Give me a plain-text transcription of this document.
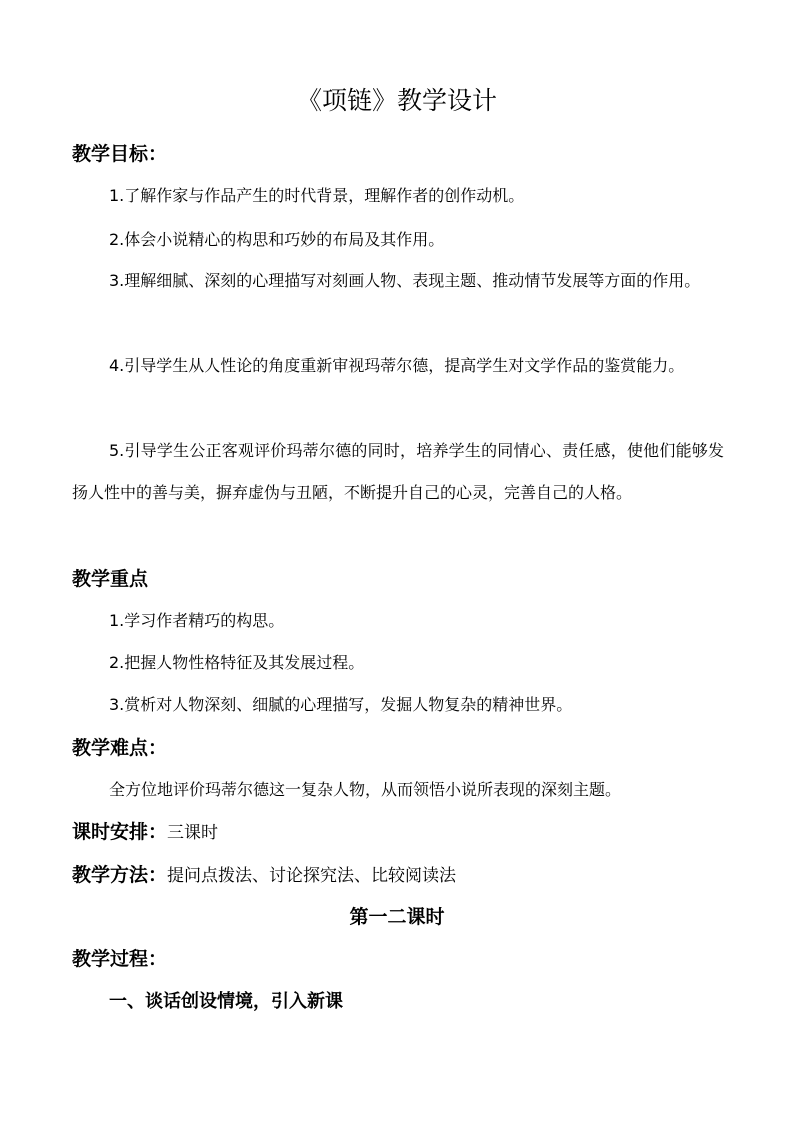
《项链》教学设计
教学目标：
1.了解作家与作品产生的时代背景，理解作者的创作动机。
2.体会小说精心的构思和巧妙的布局及其作用。
3.理解细腻、深刻的心理描写对刻画人物、表现主题、推动情节发展等方面的作用。
4.引导学生从人性论的角度重新审视玛蒂尔德，提高学生对文学作品的鉴赏能力。
5.引导学生公正客观评价玛蒂尔德的同时，培养学生的同情心、责任感，使他们能够发扬人性中的善与美，摒弃虚伪与丑陋，不断提升自己的心灵，完善自己的人格。
教学重点
1.学习作者精巧的构思。
2.把握人物性格特征及其发展过程。
3.赏析对人物深刻、细腻的心理描写，发掘人物复杂的精神世界。
教学难点：
全方位地评价玛蒂尔德这一复杂人物，从而领悟小说所表现的深刻主题。
课时安排：三课时
教学方法：提问点拨法、讨论探究法、比较阅读法
第一二课时
教学过程：
一、谈话创设情境，引入新课
